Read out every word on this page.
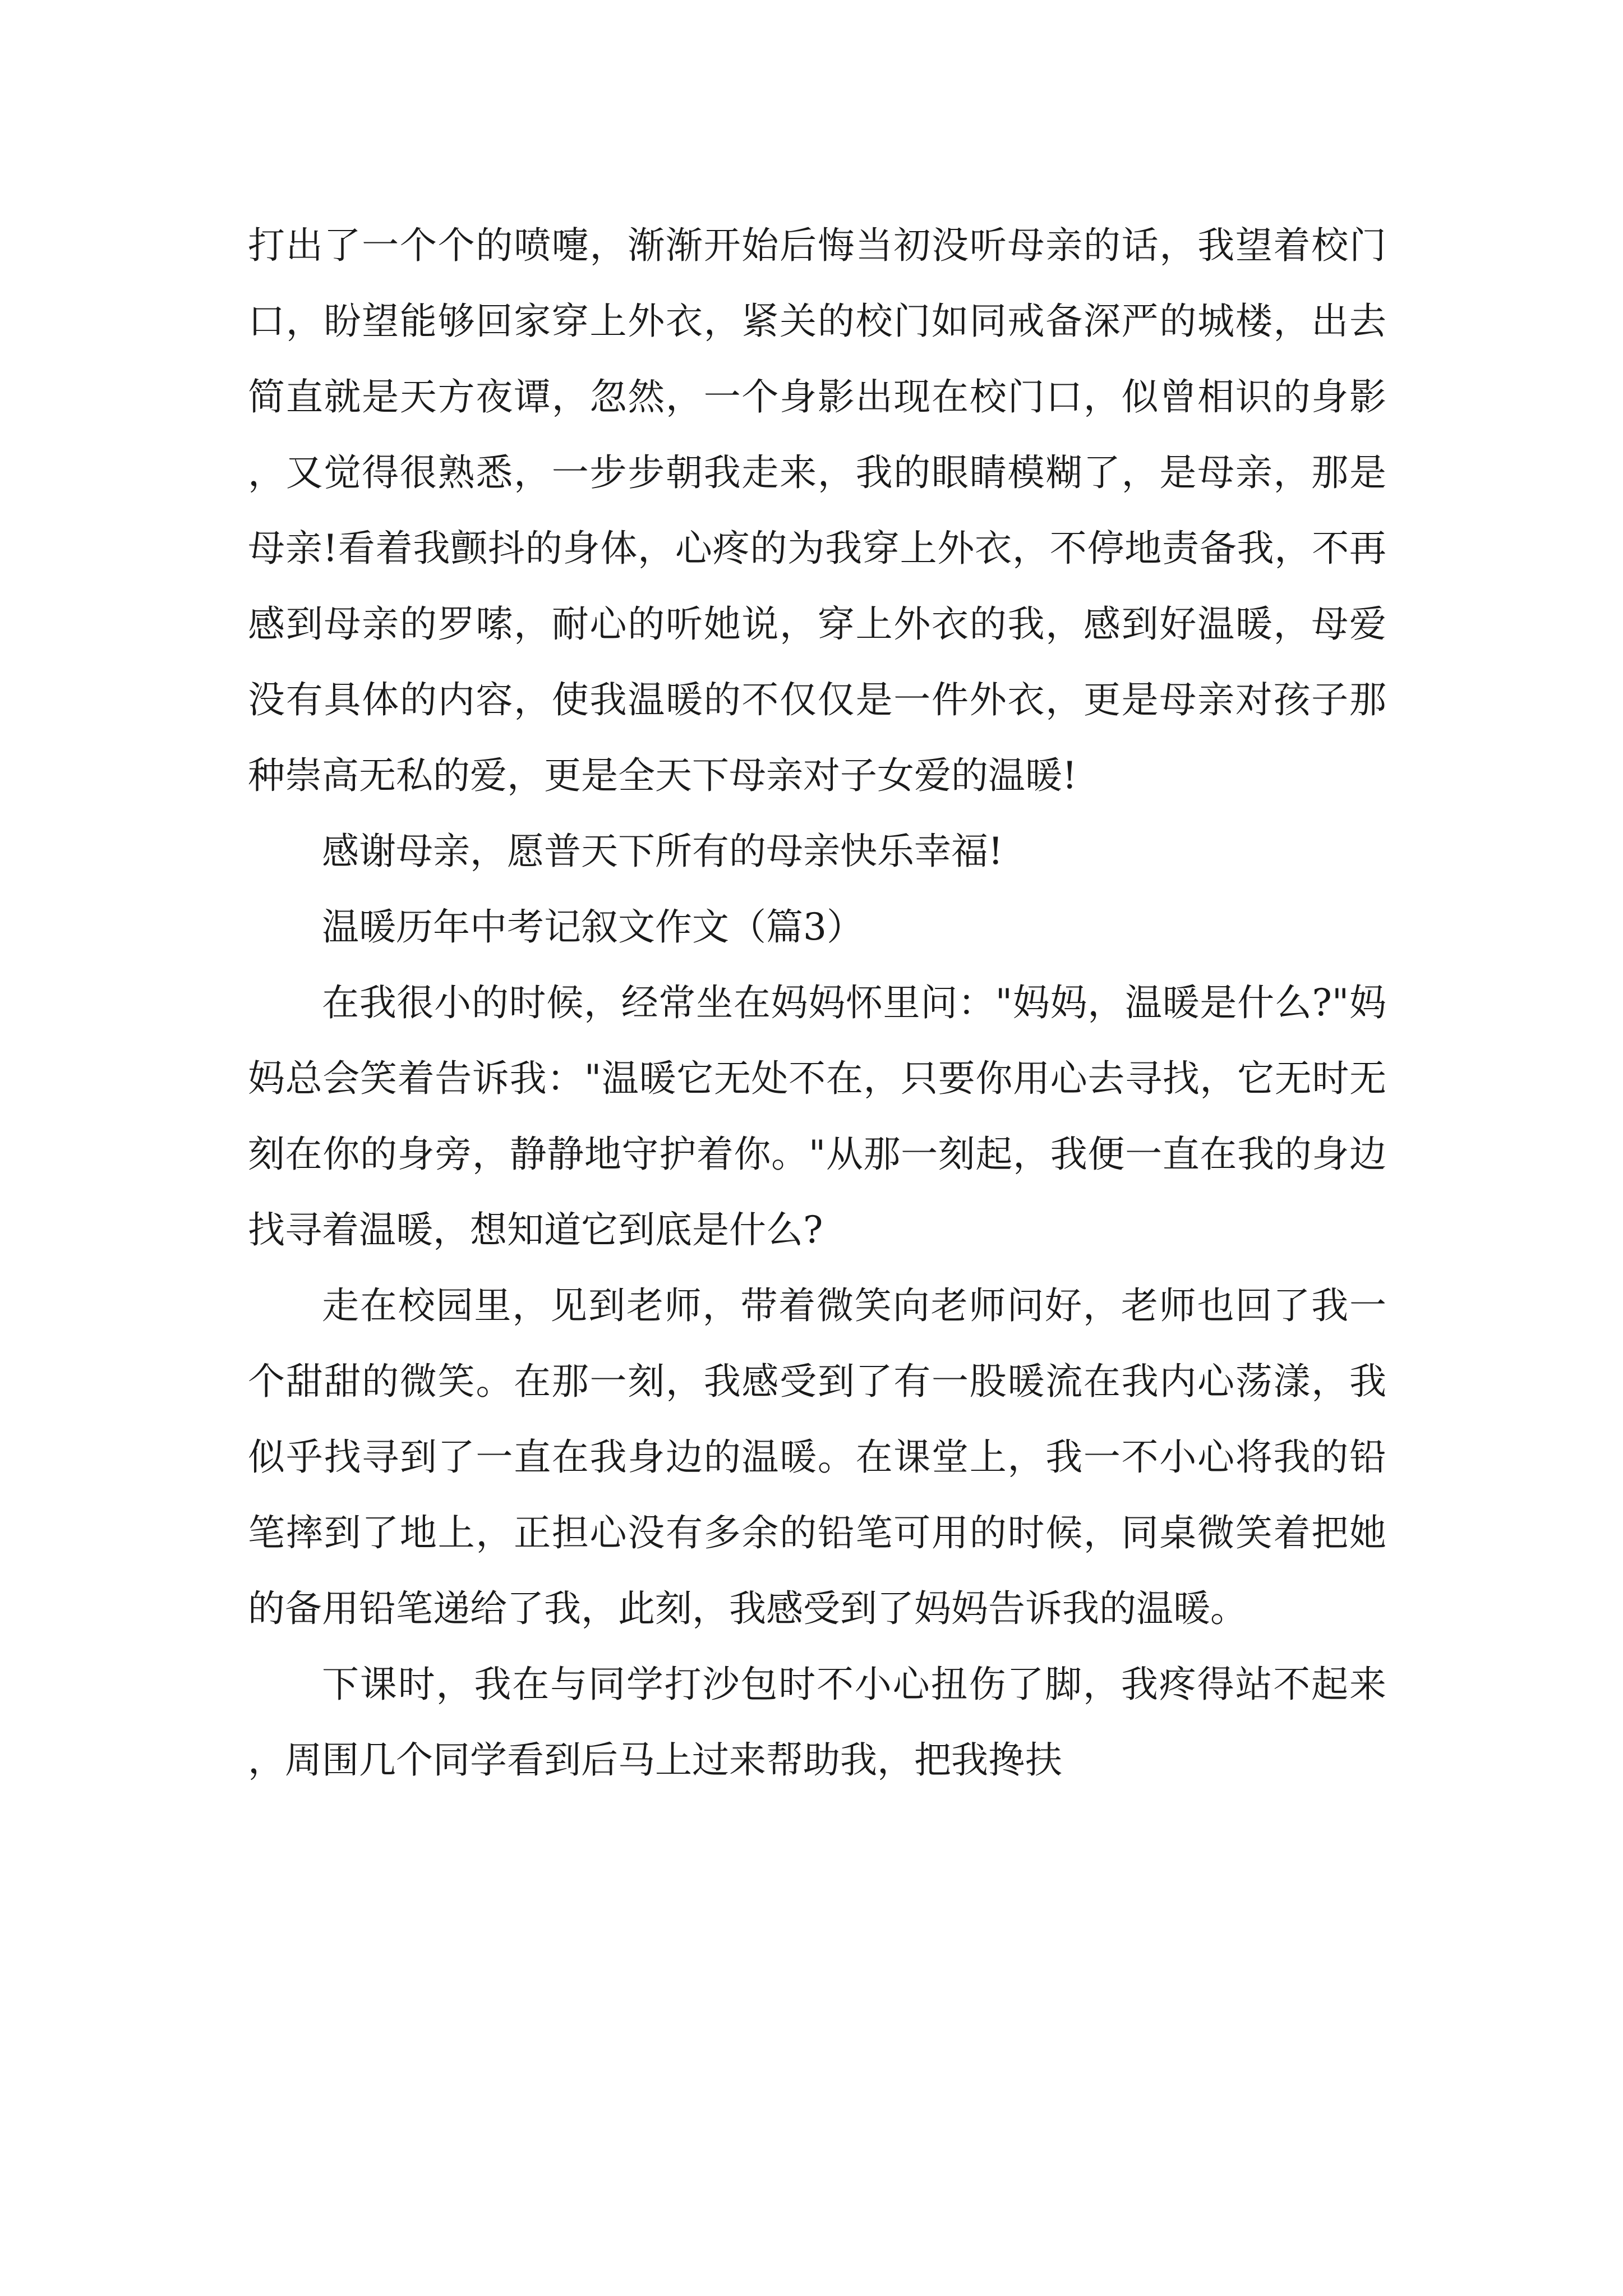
打出了一个个的喷嚏，渐渐开始后悔当初没听母亲的话，我望着校门口，盼望能够回家穿上外衣，紧关的校门如同戒备深严的城楼，出去简直就是天方夜谭，忽然，一个身影出现在校门口，似曾相识的身影，又觉得很熟悉，一步步朝我走来，我的眼睛模糊了，是母亲，那是母亲!看着我颤抖的身体，心疼的为我穿上外衣，不停地责备我，不再感到母亲的罗嗦，耐心的听她说，穿上外衣的我，感到好温暖，母爱没有具体的内容，使我温暖的不仅仅是一件外衣，更是母亲对孩子那种崇高无私的爱，更是全天下母亲对子女爱的温暖!

感谢母亲，愿普天下所有的母亲快乐幸福!

温暖历年中考记叙文作文（篇3）

在我很小的时候，经常坐在妈妈怀里问："妈妈，温暖是什么?"妈妈总会笑着告诉我："温暖它无处不在，只要你用心去寻找，它无时无刻在你的身旁，静静地守护着你。"从那一刻起，我便一直在我的身边找寻着温暖，想知道它到底是什么?

走在校园里，见到老师，带着微笑向老师问好，老师也回了我一个甜甜的微笑。在那一刻，我感受到了有一股暖流在我内心荡漾，我似乎找寻到了一直在我身边的温暖。在课堂上，我一不小心将我的铅笔摔到了地上，正担心没有多余的铅笔可用的时候，同桌微笑着把她的备用铅笔递给了我，此刻，我感受到了妈妈告诉我的温暖。

下课时，我在与同学打沙包时不小心扭伤了脚，我疼得站不起来，周围几个同学看到后马上过来帮助我，把我搀扶
